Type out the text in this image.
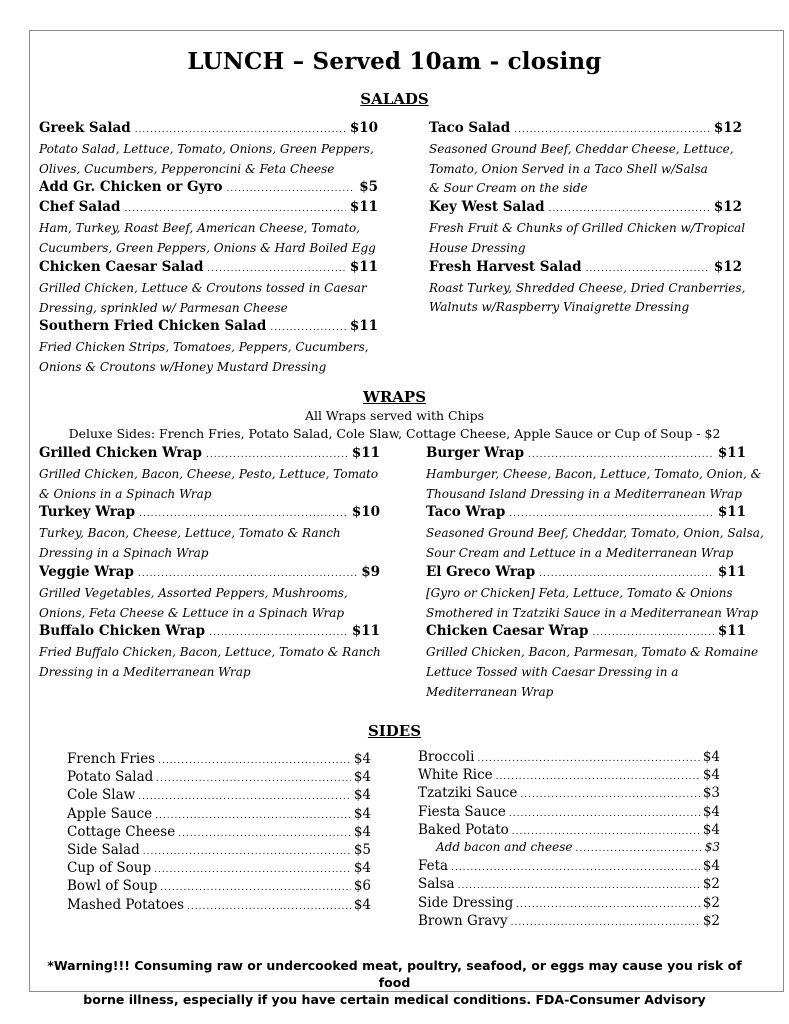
LUNCH – Served 10am - closing
SALADS
Greek Salad .....	$10
Potato Salad, Lettuce, Tomato, Onions, Green Peppers,
Olives, Cucumbers, Pepperoncini & Feta Cheese
Add Gr. Chicken or Gyro .....	$5
Chef Salad .....	$11
Ham, Turkey, Roast Beef, American Cheese, Tomato,
Cucumbers, Green Peppers, Onions & Hard Boiled Egg
Chicken Caesar Salad .....	$11
Grilled Chicken, Lettuce & Croutons tossed in Caesar
Dressing, sprinkled w/ Parmesan Cheese
Southern Fried Chicken Salad .....	$11
Fried Chicken Strips, Tomatoes, Peppers, Cucumbers,
Onions & Croutons w/Honey Mustard Dressing
Taco Salad .....	$12
Seasoned Ground Beef, Cheddar Cheese, Lettuce,
Tomato, Onion Served in a Taco Shell w/Salsa
& Sour Cream on the side
Key West Salad .....	$12
Fresh Fruit & Chunks of Grilled Chicken w/Tropical
House Dressing
Fresh Harvest Salad .....	$12
Roast Turkey, Shredded Cheese, Dried Cranberries,
Walnuts w/Raspberry Vinaigrette Dressing
WRAPS
All Wraps served with Chips
Deluxe Sides: French Fries, Potato Salad, Cole Slaw, Cottage Cheese, Apple Sauce or Cup of Soup - $2
Grilled Chicken Wrap .....	$11
Grilled Chicken, Bacon, Cheese, Pesto, Lettuce, Tomato
& Onions in a Spinach Wrap
Turkey Wrap .....	$10
Turkey, Bacon, Cheese, Lettuce, Tomato & Ranch
Dressing in a Spinach Wrap
Veggie Wrap .....	$9
Grilled Vegetables, Assorted Peppers, Mushrooms,
Onions, Feta Cheese & Lettuce in a Spinach Wrap
Buffalo Chicken Wrap .....	$11
Fried Buffalo Chicken, Bacon, Lettuce, Tomato & Ranch
Dressing in a Mediterranean Wrap
Burger Wrap .....	$11
Hamburger, Cheese, Bacon, Lettuce, Tomato, Onion, &
Thousand Island Dressing in a Mediterranean Wrap
Taco Wrap .....	$11
Seasoned Ground Beef, Cheddar, Tomato, Onion, Salsa,
Sour Cream and Lettuce in a Mediterranean Wrap
El Greco Wrap .....	$11
[Gyro or Chicken] Feta, Lettuce, Tomato & Onions
Smothered in Tzatziki Sauce in a Mediterranean Wrap
Chicken Caesar Wrap .....	$11
Grilled Chicken, Bacon, Parmesan, Tomato & Romaine
Lettuce Tossed with Caesar Dressing in a
Mediterranean Wrap
SIDES
French Fries .....	$4
Potato Salad .....	$4
Cole Slaw .....	$4
Apple Sauce .....	$4
Cottage Cheese .....	$4
Side Salad .....	$5
Cup of Soup .....	$4
Bowl of Soup .....	$6
Mashed Potatoes .....	$4
Broccoli .....	$4
White Rice .....	$4
Tzatziki Sauce .....	$3
Fiesta Sauce .....	$4
Baked Potato .....	$4
Add bacon and cheese .....	$3
Feta .....	$4
Salsa .....	$2
Side Dressing .....	$2
Brown Gravy .....	$2
*Warning!!! Consuming raw or undercooked meat, poultry, seafood, or eggs may cause you risk of food
borne illness, especially if you have certain medical conditions. FDA-Consumer Advisory
